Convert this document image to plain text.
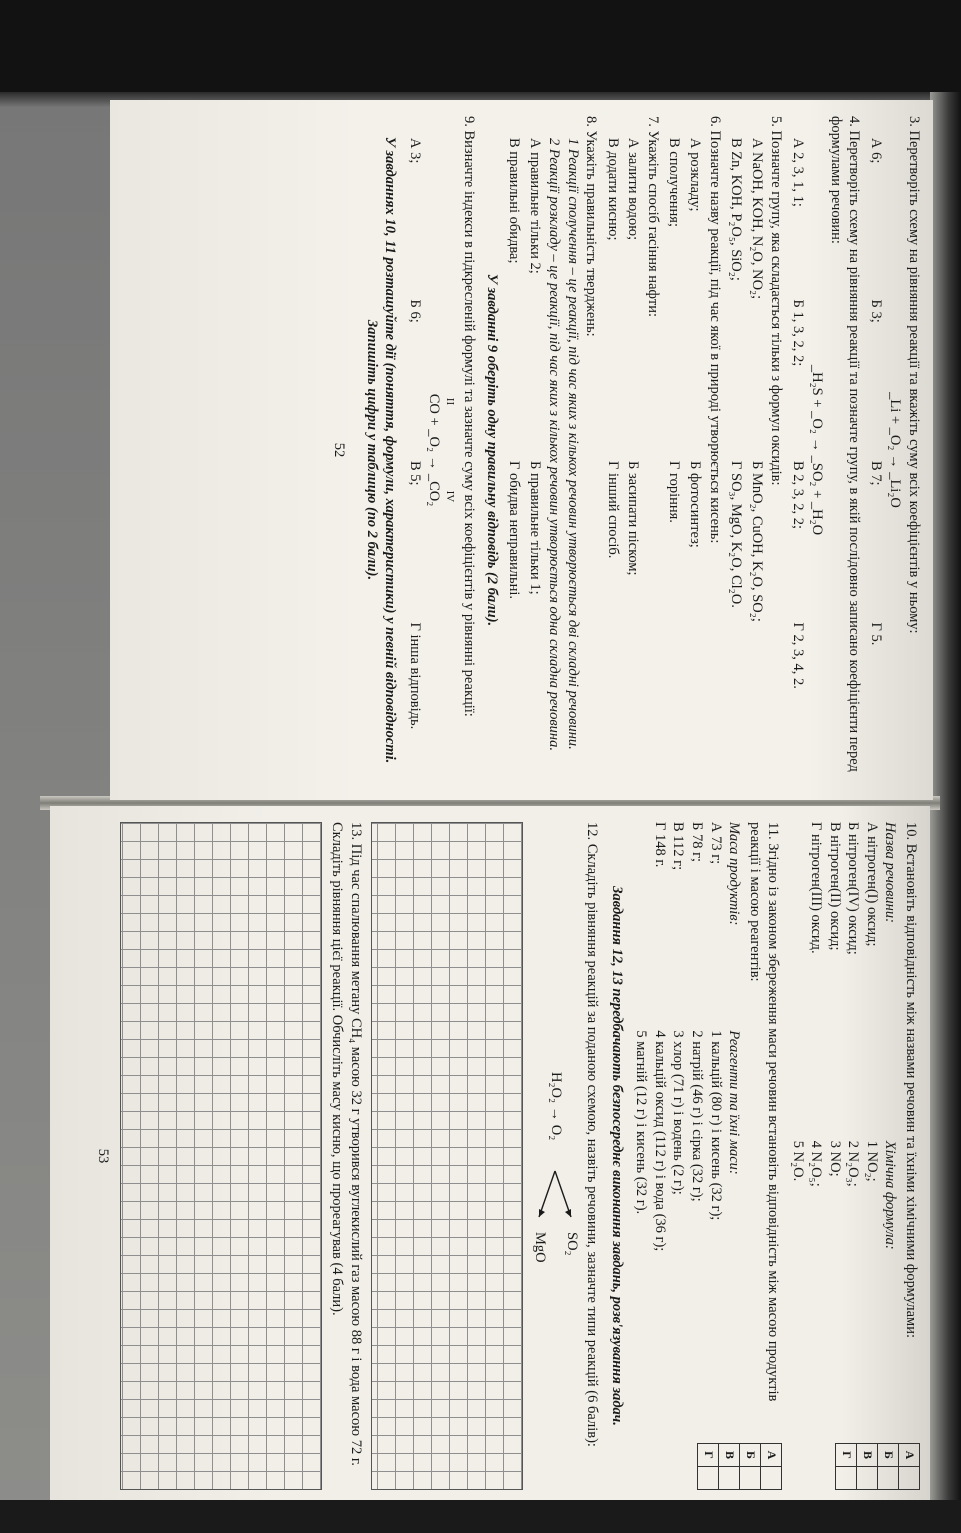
3. Перетворіть схему на рівняння реакції та вкажіть суму всіх коефіцієнтів у ньому:
_Li + _O₂ → _Li₂O
А 6;
Б 3;
В 7;
Г 5.
4. Перетворіть схему на рівняння реакції та позначте групу, в якій послідовно записано коефіцієнти перед формулами речовин:
_H₂S + _O₂ → _SO₂ + _H₂O
А 2, 3, 1, 1;
Б 1, 3, 2, 2;
В 2, 3, 2, 2;
Г 2, 3, 4, 2.
5. Позначте групу, яка складається тільки з формул оксидів:
А NaOH, KOH, N₂O, NO₂;
Б MnO₂, CuOH, K₂O, SO₂;
В Zn, KOH, P₂O₅, SiO₂;
Г SO₃, MgO, K₂O, Cl₂O.
6. Позначте назву реакції, під час якої в природі утворюється кисень:
А розкладу;
Б фотосинтез;
В сполучення;
Г горіння.
7. Укажіть спосіб гасіння нафти:
А залити водою;
Б засипати піском;
В додати кисню;
Г інший спосіб.
8. Укажіть правильність тверджень:
1 Реакції сполучення – це реакції, під час яких з кількох речовин утворюється дві складні речовини.
2 Реакції розкладу – це реакції, під час яких з кількох речовин утворюється одна складна речовина.
А правильне тільки 2;
Б правильне тільки 1;
В правильні обидва;
Г обидва неправильні.
У завданні 9 оберіть одну правильну відповідь (2 бали).
9. Визначте індекси в підкресленій формулі та зазначте суму всіх коефіцієнтів у рівнянні реакції:
II  IV
CO + _O₂ → _CO₂
А 3;
Б 6;
В 5;
Г інша відповідь.
У завданнях 10, 11 розташуйте дії (поняття, формули, характеристики) у певній відповідності.
Запишіть цифри у таблицю (по 2 бали).
52
А	
Б	
В	
Г	
10. Встановіть відповідність між назвами речовин та їхніми хімічними формулами:
Назва речовини:
А нітроген(І) оксид;
Б нітроген(IV) оксид;
В нітроген(ІІ) оксид;
Г нітроген(ІІІ) оксид.
Хімічна формула:
1 NO₂;
2 N₂O₃;
3 NO;
4 N₂O₅;
5 N₂O.
А	
Б	
В	
Г	
11. Згідно із законом збереження маси речовин встановіть відповідність між масою продуктів реакції і масою реагентів:
Маса продуктів:
А 73 г;
Б 78 г;
В 112 г;
Г 148 г.
Реагенти та їхні маси:
1 кальцій (80 г) і кисень (32 г);
2 натрій (46 г) і сірка (32 г);
3 хлор (71 г) і водень (2 г);
4 кальцій оксид (112 г) і вода (36 г);
5 магній (12 г) і кисень (32 г).
Завдання 12, 13 передбачають безпосереднє виконання завдань, розв'язування задач.
12. Складіть рівняння реакцій за поданою схемою, назвіть речовини, зазначте типи реакцій (6 балів):
H₂O₂ → O₂
SO₂
MgO
13. Під час спалювання метану CH₄ масою 32 г утворився вуглекислий газ масою 88 г і вода масою 72 г. Складіть рівняння цієї реакції. Обчисліть масу кисню, що прореагував (4 бали).
53
